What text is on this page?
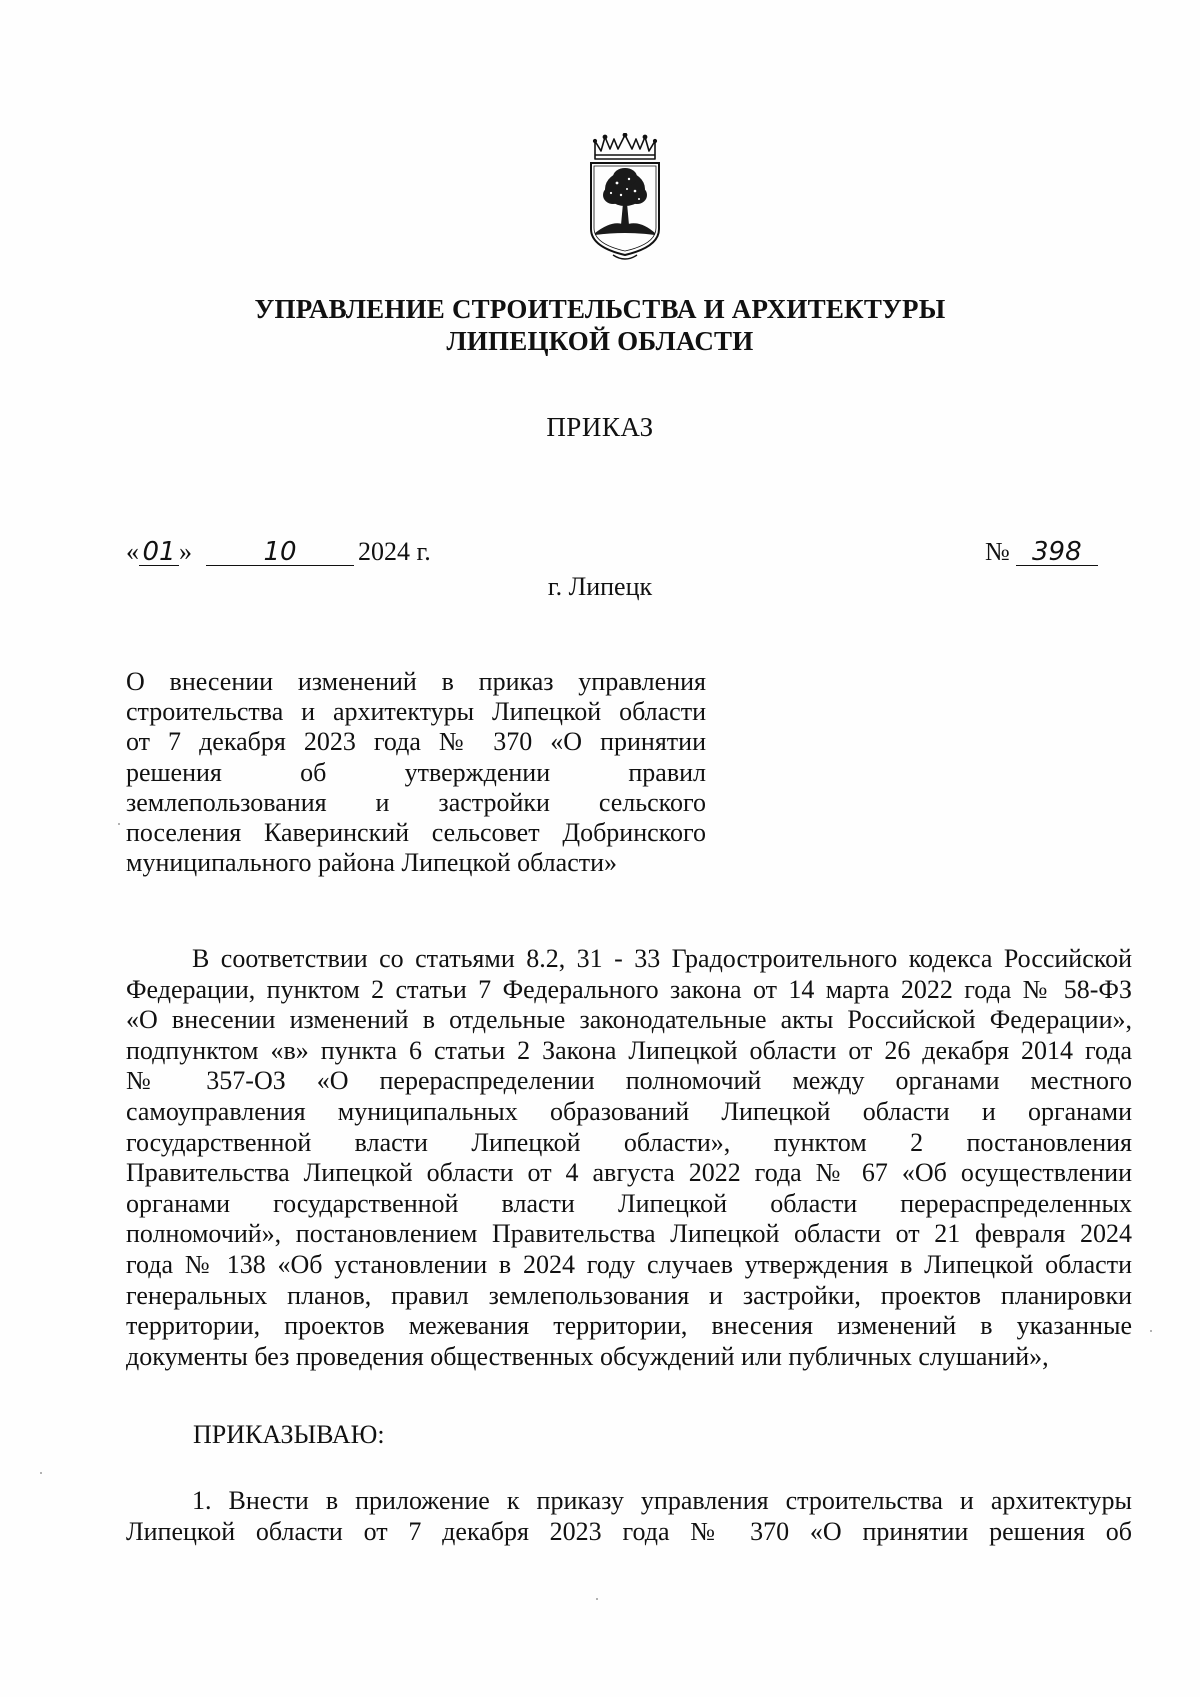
УПРАВЛЕНИЕ СТРОИТЕЛЬСТВА И АРХИТЕКТУРЫ
ЛИПЕЦКОЙ ОБЛАСТИ
ПРИКАЗ
« 01 »	10 2024 г.	№ 398
г. Липецк
О внесении изменений в приказ управления
строительства и архитектуры Липецкой области
от 7 декабря 2023 года № 370 «О принятии
решения об утверждении правил
землепользования и застройки сельского
поселения Каверинский сельсовет Добринского
муниципального района Липецкой области»
В соответствии со статьями 8.2, 31 - 33 Градостроительного кодекса Российской
Федерации, пунктом 2 статьи 7 Федерального закона от 14 марта 2022 года № 58-ФЗ
«О внесении изменений в отдельные законодательные акты Российской Федерации»,
подпунктом «в» пункта 6 статьи 2 Закона Липецкой области от 26 декабря 2014 года
№ 357-ОЗ «О перераспределении полномочий между органами местного
самоуправления муниципальных образований Липецкой области и органами
государственной власти Липецкой области», пунктом 2 постановления
Правительства Липецкой области от 4 августа 2022 года № 67 «Об осуществлении
органами государственной власти Липецкой области перераспределенных
полномочий», постановлением Правительства Липецкой области от 21 февраля 2024
года № 138 «Об установлении в 2024 году случаев утверждения в Липецкой области
генеральных планов, правил землепользования и застройки, проектов планировки
территории, проектов межевания территории, внесения изменений в указанные
документы без проведения общественных обсуждений или публичных слушаний»,
ПРИКАЗЫВАЮ:
1. Внести в приложение к приказу управления строительства и архитектуры
Липецкой области от 7 декабря 2023 года № 370 «О принятии решения об
